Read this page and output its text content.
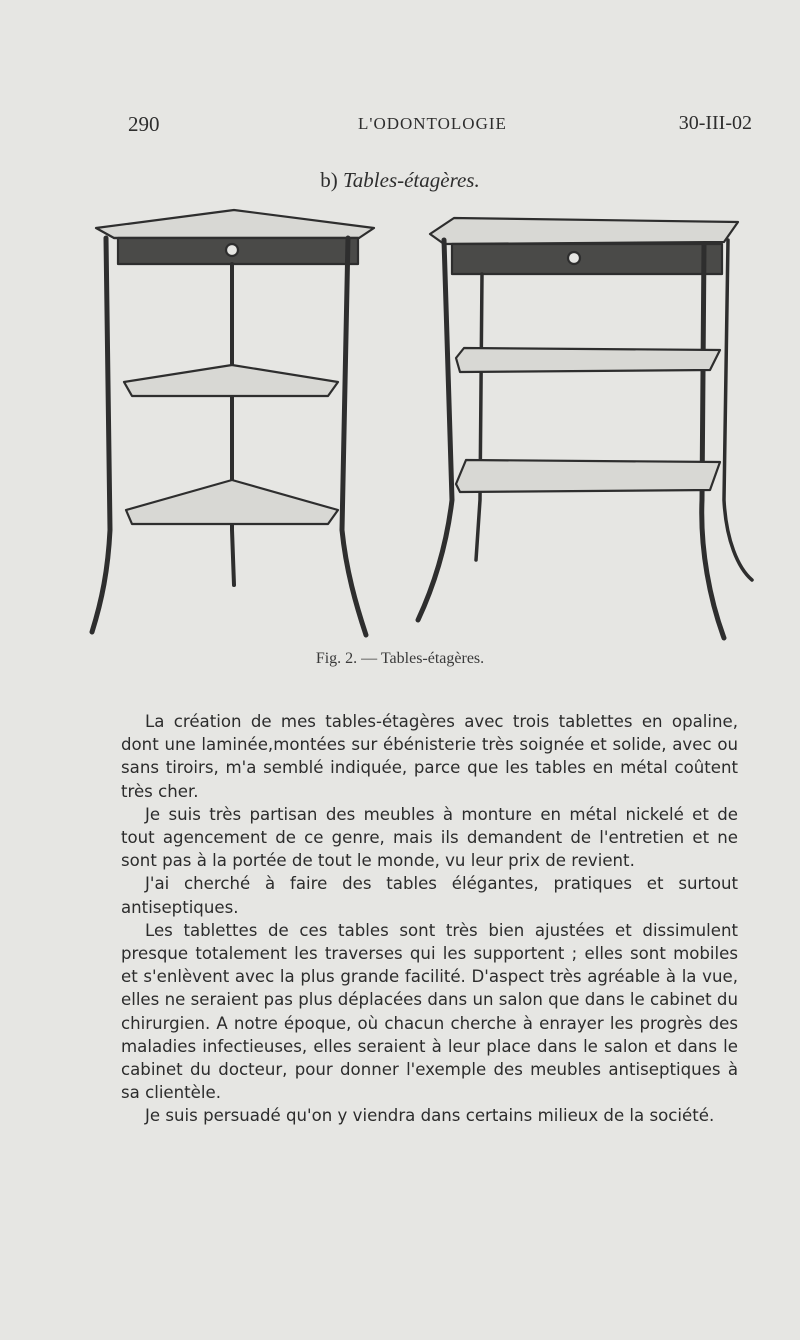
290	L'ODONTOLOGIE	30-III-02
b) Tables-étagères.
Fig. 2. — Tables-étagères.

La création de mes tables-étagères avec trois tablettes en opaline, dont une laminée,montées sur ébénisterie très soignée et solide, avec ou sans tiroirs, m'a semblé indiquée, parce que les tables en métal coûtent très cher.

Je suis très partisan des meubles à monture en métal nickelé et de tout agencement de ce genre, mais ils demandent de l'entretien et ne sont pas à la portée de tout le monde, vu leur prix de revient.

J'ai cherché à faire des tables élégantes, pratiques et surtout antiseptiques.

Les tablettes de ces tables sont très bien ajustées et dissimulent presque totalement les traverses qui les supportent ; elles sont mobiles et s'enlèvent avec la plus grande facilité. D'aspect très agréable à la vue, elles ne seraient pas plus déplacées dans un salon que dans le cabinet du chirurgien. A notre époque, où chacun cherche à enrayer les progrès des maladies infectieuses, elles seraient à leur place dans le salon et dans le cabinet du docteur, pour donner l'exemple des meubles antiseptiques à sa clientèle.

Je suis persuadé qu'on y viendra dans certains milieux de la société.
